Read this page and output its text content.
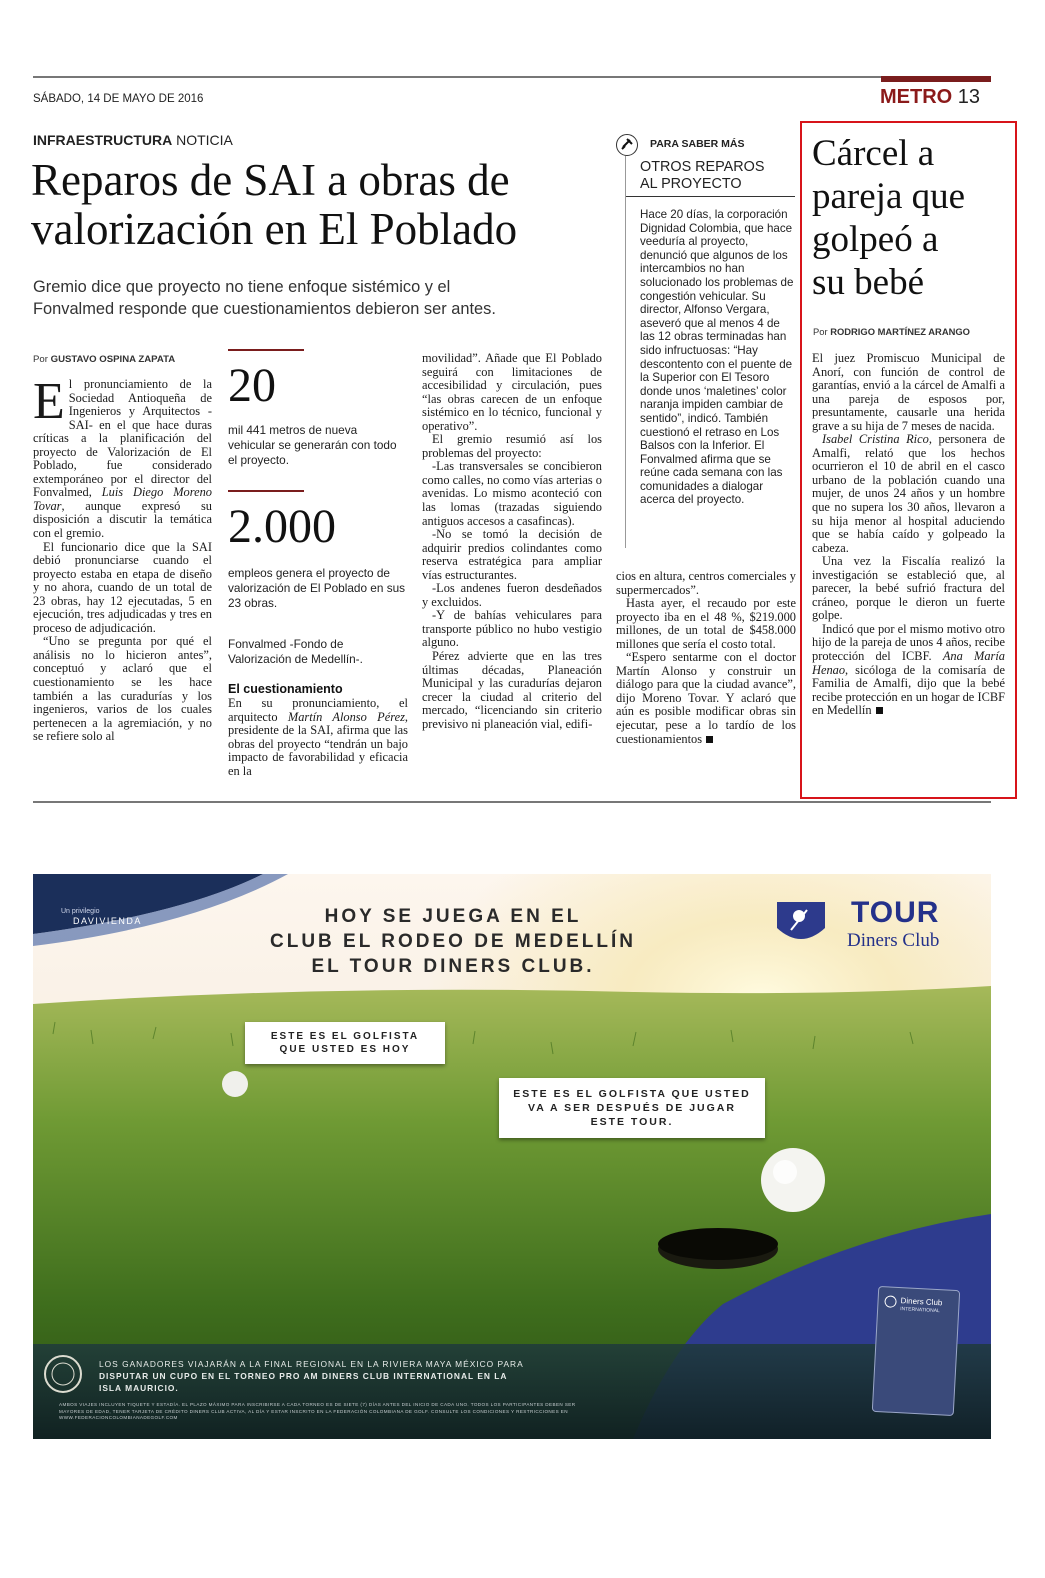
SÁBADO, 14 DE MAYO DE 2016	METRO 13
INFRAESTRUCTURA NOTICIA
Reparos de SAI a obras de
valorización en El Poblado
Gremio dice que proyecto no tiene enfoque sistémico y el
Fonvalmed responde que cuestionamientos debieron ser antes.
Por GUSTAVO OSPINA ZAPATA

El pronunciamiento de la Sociedad Antioqueña de Ingenieros y Arquitectos -SAI- en el que hace duras críticas a la planificación del proyecto de Valorización de El Poblado, fue considerado extemporáneo por el director del Fonvalmed, Luis Diego Moreno Tovar, aunque expresó su disposición a discutir la temática con el gremio.

El funcionario dice que la SAI debió pronunciarse cuando el proyecto estaba en etapa de diseño y no ahora, cuando de un total de 23 obras, hay 12 ejecutadas, 5 en ejecución, tres adjudicadas y tres en proceso de adjudicación.

“Uno se pregunta por qué el análisis no lo hicieron antes”, conceptuó y aclaró que el cuestionamiento se les hace también a las curadurías y los ingenieros, varios de los cuales pertenecen a la agremiación, y no se refiere solo al

20
mil 441 metros de nueva vehicular se generarán con todo el proyecto.
2.000
empleos genera el proyecto de valorización de El Poblado en sus 23 obras.
Fonvalmed -Fondo de Valorización de Medellín-.
El cuestionamiento

En su pronunciamiento, el arquitecto Martín Alonso Pérez, presidente de la SAI, afirma que las obras del proyecto “tendrán un bajo impacto de favorabilidad y eficacia en la

movilidad”. Añade que El Poblado seguirá con limitaciones de accesibilidad y circulación, pues “las obras carecen de un enfoque sistémico en lo técnico, funcional y operativo”.

El gremio resumió así los problemas del proyecto:

-Las transversales se concibieron como calles, no como vías arterias o avenidas. Lo mismo aconteció con las lomas (trazadas siguiendo antiguos accesos a casafincas).

-No se tomó la decisión de adquirir predios colindantes como reserva estratégica para ampliar vías estructurantes.

-Los andenes fueron desdeñados y excluidos.

-Y de bahías vehiculares para transporte público no hubo vestigio alguno.

Pérez advierte que en las tres últimas décadas, Planeación Municipal y las curadurías dejaron crecer la ciudad al criterio del mercado, “licenciando sin criterio previsivo ni planeación vial, edifi-

cios en altura, centros comerciales y supermercados”.

Hasta ayer, el recaudo por este proyecto iba en el 48 %, $219.000 millones, de un total de $458.000 millones que sería el costo total.

“Espero sentarme con el doctor Martín Alonso y construir un diálogo para que la ciudad avance”, dijo Moreno Tovar. Y aclaró que aún es posible modificar obras sin ejecutar, pese a lo tardío de los cuestionamientos

PARA SABER MÁS
OTROS REPAROS
AL PROYECTO
Hace 20 días, la corporación Dignidad Colombia, que hace veeduría al proyecto, denunció que algunos de los intercambios no han solucionado los problemas de congestión vehicular. Su director, Alfonso Vergara, aseveró que al menos 4 de las 12 obras terminadas han sido infructuosas: “Hay descontento con el puente de la Superior con El Tesoro donde unos ‘maletines’ color naranja impiden cambiar de sentido”, indicó. También cuestionó el retraso en Los Balsos con la Inferior. El Fonvalmed afirma que se reúne cada semana con las comunidades a dialogar acerca del proyecto.
Cárcel a
pareja que
golpeó a
su bebé
Por RODRIGO MARTÍNEZ ARANGO

El juez Promiscuo Municipal de Anorí, con función de control de garantías, envió a la cárcel de Amalfi a una pareja de esposos por, presuntamente, causarle una herida grave a su hija de 7 meses de nacida.

Isabel Cristina Rico, personera de Amalfi, relató que los hechos ocurrieron el 10 de abril en el casco urbano de la población cuando una mujer, de unos 24 años y un hombre que no supera los 30 años, llevaron a su hija menor al hospital aduciendo que se había caído y golpeado la cabeza.

Una vez la Fiscalía realizó la investigación se estableció que, al parecer, la bebé sufrió fractura del cráneo, porque le dieron un fuerte golpe.

Indicó que por el mismo motivo otro hijo de la pareja de unos 4 años, recibe protección del ICBF. Ana María Henao, sicóloga de la comisaría de Familia de Amalfi, dijo que la bebé recibe protección en un hogar de ICBF en Medellín

Un privilegio
DAVIVIENDA	HOY SE JUEGA EN EL
CLUB EL RODEO DE MEDELLÍN
EL TOUR DINERS CLUB.
TOUR
Diners Club
ESTE ES EL GOLFISTA
QUE USTED ES HOY
ESTE ES EL GOLFISTA QUE USTED
VA A SER DESPUÉS DE JUGAR
ESTE TOUR.
Diners Club
INTERNATIONAL
LOS GANADORES VIAJARÁN A LA FINAL REGIONAL EN LA RIVIERA MAYA MÉXICO PARA
DISPUTAR UN CUPO EN EL TORNEO PRO AM DINERS CLUB INTERNATIONAL EN LA
ISLA MAURICIO.
AMBOS VIAJES INCLUYEN TIQUETE Y ESTADÍA. EL PLAZO MÁXIMO PARA INSCRIBIRSE A CADA TORNEO ES DE SIETE (7) DÍAS ANTES DEL INICIO DE CADA UNO. TODOS LOS PARTICIPANTES DEBEN SER MAYORES DE EDAD, TENER TARJETA DE CRÉDITO DINERS CLUB ACTIVA, AL DÍA Y ESTAR INSCRITO EN LA FEDERACIÓN COLOMBIANA DE GOLF. CONSULTE LOS CONDICIONES Y RESTRICCIONES EN WWW.FEDERACIONCOLOMBIANADEGOLF.COM
